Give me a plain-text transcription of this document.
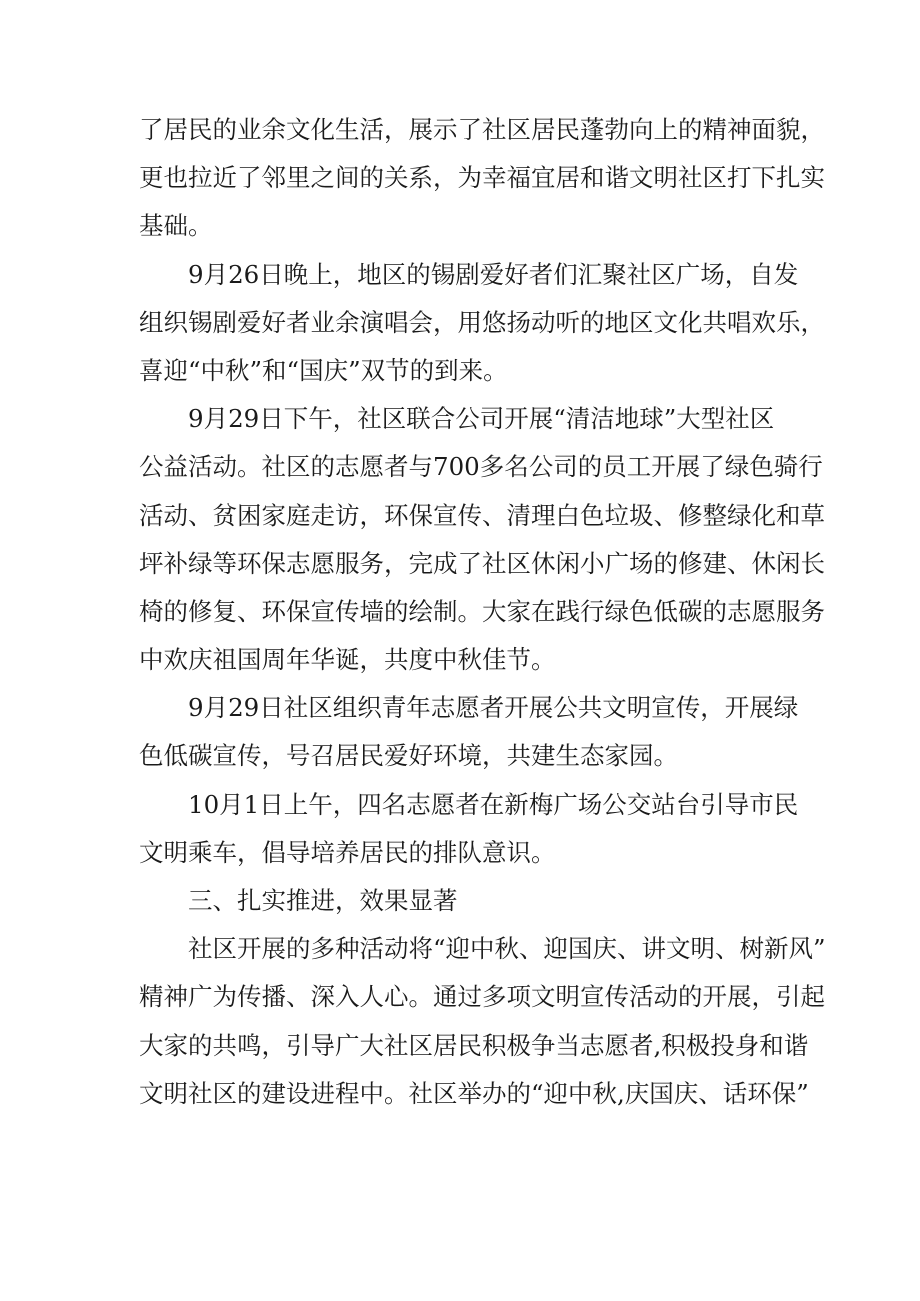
了居民的业余文化生活，展示了社区居民蓬勃向上的精神面貌，
更也拉近了邻里之间的关系，为幸福宜居和谐文明社区打下扎实
基础。
9月26日晚上，地区的锡剧爱好者们汇聚社区广场，自发
组织锡剧爱好者业余演唱会，用悠扬动听的地区文化共唱欢乐，
喜迎“中秋”和“国庆”双节的到来。
9月29日下午，社区联合公司开展“清洁地球”大型社区
公益活动。社区的志愿者与700多名公司的员工开展了绿色骑行
活动、贫困家庭走访，环保宣传、清理白色垃圾、修整绿化和草
坪补绿等环保志愿服务，完成了社区休闲小广场的修建、休闲长
椅的修复、环保宣传墙的绘制。大家在践行绿色低碳的志愿服务
中欢庆祖国周年华诞，共度中秋佳节。
9月29日社区组织青年志愿者开展公共文明宣传，开展绿
色低碳宣传，号召居民爱好环境，共建生态家园。
10月1日上午，四名志愿者在新梅广场公交站台引导市民
文明乘车，倡导培养居民的排队意识。
三、扎实推进，效果显著
社区开展的多种活动将“迎中秋、迎国庆、讲文明、树新风”
精神广为传播、深入人心。通过多项文明宣传活动的开展，引起
大家的共鸣，引导广大社区居民积极争当志愿者,积极投身和谐
文明社区的建设进程中。社区举办的“迎中秋,庆国庆、话环保”
